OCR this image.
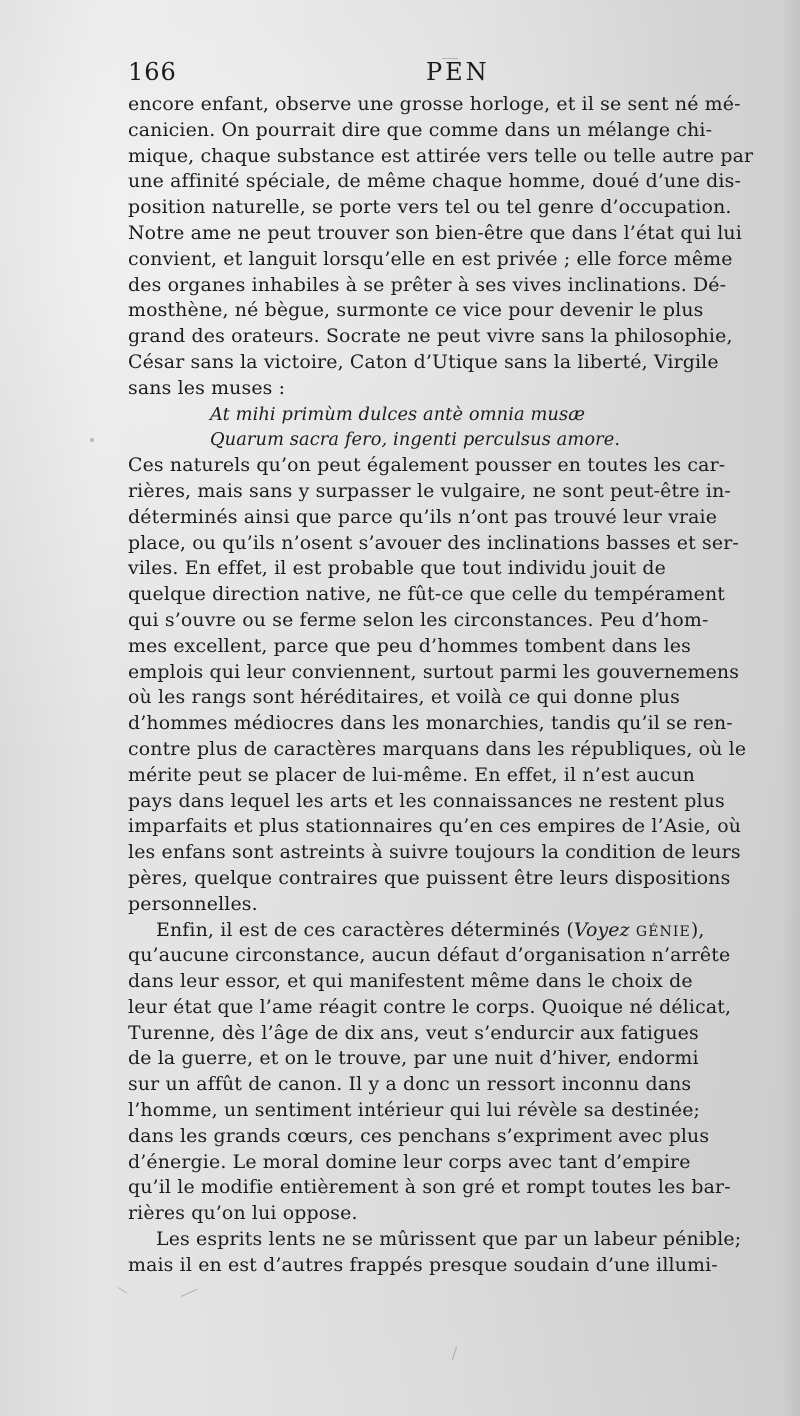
166	PEN
encore enfant, observe une grosse horloge, et il se sent né mé-
canicien. On pourrait dire que comme dans un mélange chi-
mique, chaque substance est attirée vers telle ou telle autre par
une affinité spéciale, de même chaque homme, doué d’une dis-
position naturelle, se porte vers tel ou tel genre d’occupation.
Notre ame ne peut trouver son bien-être que dans l’état qui lui
convient, et languit lorsqu’elle en est privée ; elle force même
des organes inhabiles à se prêter à ses vives inclinations. Dé-
mosthène, né bègue, surmonte ce vice pour devenir le plus
grand des orateurs. Socrate ne peut vivre sans la philosophie,
César sans la victoire, Caton d’Utique sans la liberté, Virgile
sans les muses :
At mihi primùm dulces antè omnia musæ
Quarum sacra fero, ingenti perculsus amore.
Ces naturels qu’on peut également pousser en toutes les car-
rières, mais sans y surpasser le vulgaire, ne sont peut-être in-
déterminés ainsi que parce qu’ils n’ont pas trouvé leur vraie
place, ou qu’ils n’osent s’avouer des inclinations basses et ser-
viles. En effet, il est probable que tout individu jouit de
quelque direction native, ne fût-ce que celle du tempérament
qui s’ouvre ou se ferme selon les circonstances. Peu d’hom-
mes excellent, parce que peu d’hommes tombent dans les
emplois qui leur conviennent, surtout parmi les gouvernemens
où les rangs sont héréditaires, et voilà ce qui donne plus
d’hommes médiocres dans les monarchies, tandis qu’il se ren-
contre plus de caractères marquans dans les républiques, où le
mérite peut se placer de lui-même. En effet, il n’est aucun
pays dans lequel les arts et les connaissances ne restent plus
imparfaits et plus stationnaires qu’en ces empires de l’Asie, où
les enfans sont astreints à suivre toujours la condition de leurs
pères, quelque contraires que puissent être leurs dispositions
personnelles.
Enfin, il est de ces caractères déterminés (Voyez GÉNIE),
qu’aucune circonstance, aucun défaut d’organisation n’arrête
dans leur essor, et qui manifestent même dans le choix de
leur état que l’ame réagit contre le corps. Quoique né délicat,
Turenne, dès l’âge de dix ans, veut s’endurcir aux fatigues
de la guerre, et on le trouve, par une nuit d’hiver, endormi
sur un affût de canon. Il y a donc un ressort inconnu dans
l’homme, un sentiment intérieur qui lui révèle sa destinée;
dans les grands cœurs, ces penchans s’expriment avec plus
d’énergie. Le moral domine leur corps avec tant d’empire
qu’il le modifie entièrement à son gré et rompt toutes les bar-
rières qu’on lui oppose.
Les esprits lents ne se mûrissent que par un labeur pénible;
mais il en est d’autres frappés presque soudain d’une illumi-
